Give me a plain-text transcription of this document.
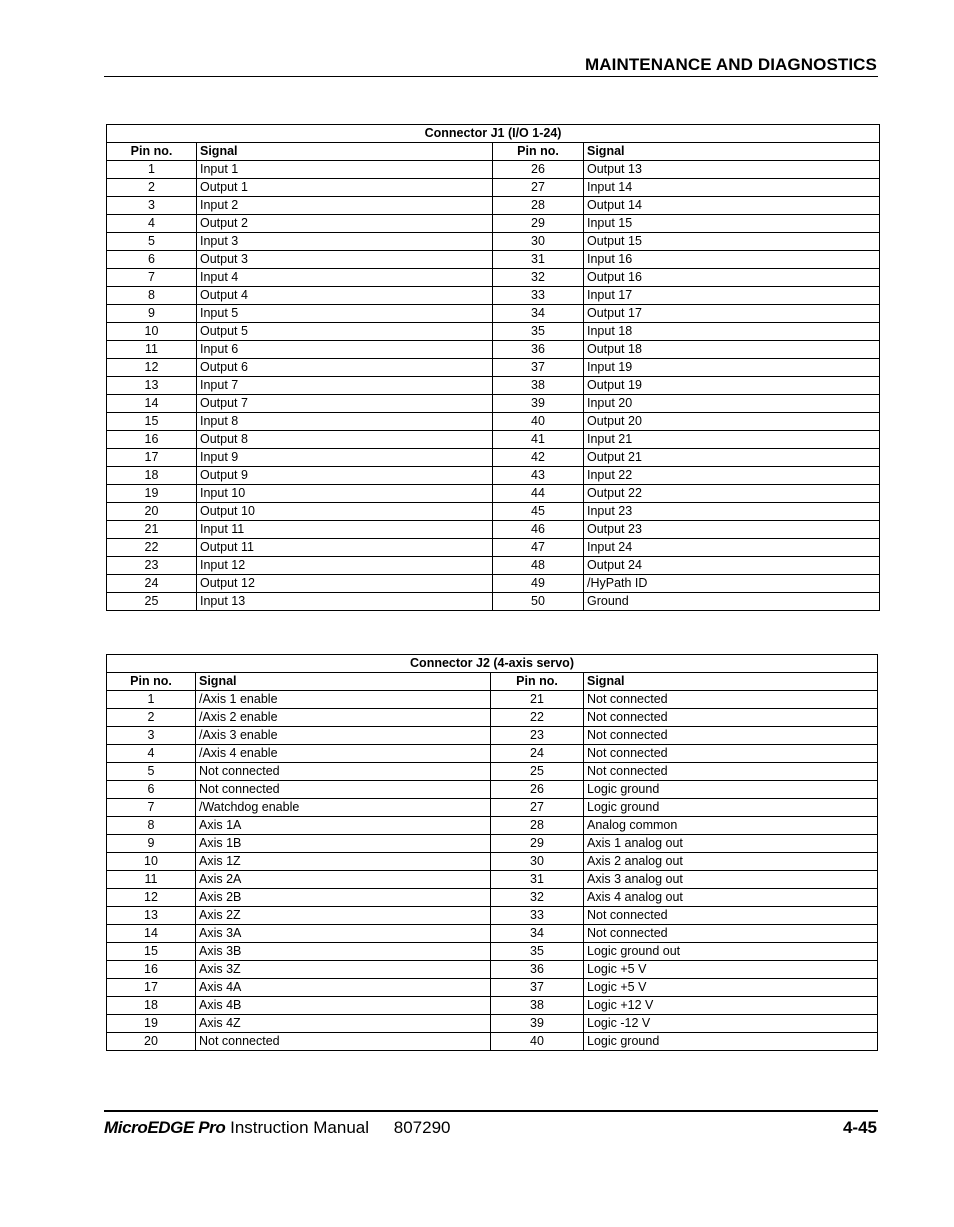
MAINTENANCE AND DIAGNOSTICS
Connector J1 (I/O 1-24)			
Pin no.	Signal	Pin no.	Signal
1	Input 1	26	Output 13
2	Output 1	27	Input 14
3	Input 2	28	Output 14
4	Output 2	29	Input 15
5	Input 3	30	Output 15
6	Output 3	31	Input 16
7	Input 4	32	Output 16
8	Output 4	33	Input 17
9	Input 5	34	Output 17
10	Output 5	35	Input 18
11	Input 6	36	Output 18
12	Output 6	37	Input 19
13	Input 7	38	Output 19
14	Output 7	39	Input 20
15	Input 8	40	Output 20
16	Output 8	41	Input 21
17	Input 9	42	Output 21
18	Output 9	43	Input 22
19	Input 10	44	Output 22
20	Output 10	45	Input 23
21	Input 11	46	Output 23
22	Output 11	47	Input 24
23	Input 12	48	Output 24
24	Output 12	49	/HyPath ID
25	Input 13	50	Ground
Connector J2 (4-axis servo)			
Pin no.	Signal	Pin no.	Signal
1	/Axis 1 enable	21	Not connected
2	/Axis 2 enable	22	Not connected
3	/Axis 3 enable	23	Not connected
4	/Axis 4 enable	24	Not connected
5	Not connected	25	Not connected
6	Not connected	26	Logic ground
7	/Watchdog enable	27	Logic ground
8	Axis 1A	28	Analog common
9	Axis 1B	29	Axis 1 analog out
10	Axis 1Z	30	Axis 2 analog out
11	Axis 2A	31	Axis 3 analog out
12	Axis 2B	32	Axis 4 analog out
13	Axis 2Z	33	Not connected
14	Axis 3A	34	Not connected
15	Axis 3B	35	Logic ground out
16	Axis 3Z	36	Logic +5 V
17	Axis 4A	37	Logic +5 V
18	Axis 4B	38	Logic +12 V
19	Axis 4Z	39	Logic -12 V
20	Not connected	40	Logic ground
MicroEDGE Pro Instruction Manual 807290	4-45
